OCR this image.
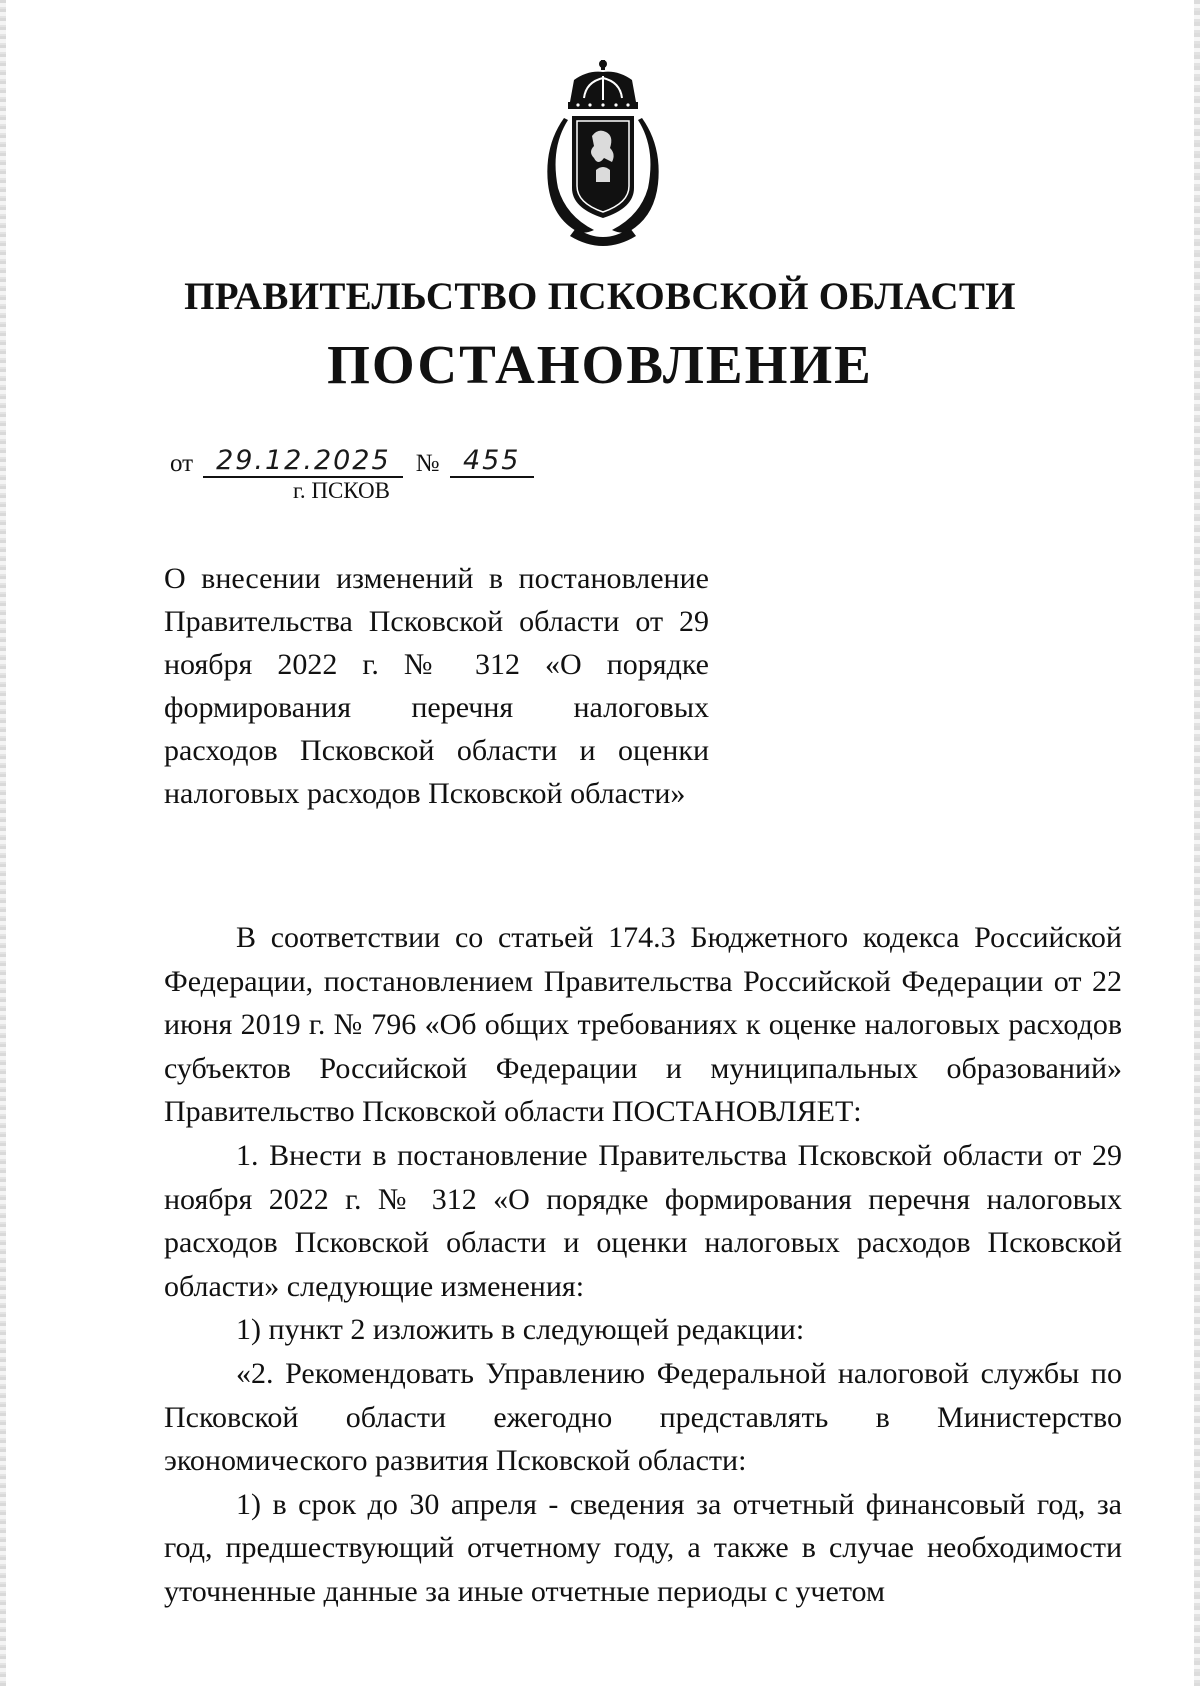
ПРАВИТЕЛЬСТВО ПСКОВСКОЙ ОБЛАСТИ
ПОСТАНОВЛЕНИЕ
от 29.12.2025 № 455
г. ПСКОВ

О внесении изменений в постановление Правительства Псковской области от 29 ноября 2022 г. № 312 «О порядке формирования перечня налоговых расходов Псковской области и оценки налоговых расходов Псковской области»

В соответствии со статьей 174.3 Бюджетного кодекса Российской Федерации, постановлением Правительства Российской Федерации от 22 июня 2019 г. № 796 «Об общих требованиях к оценке налоговых расходов субъектов Российской Федерации и муниципальных образований» Правительство Псковской области ПОСТАНОВЛЯЕТ:

1. Внести в постановление Правительства Псковской области от 29 ноября 2022 г. № 312 «О порядке формирования перечня налоговых расходов Псковской области и оценки налоговых расходов Псковской области» следующие изменения:

1) пункт 2 изложить в следующей редакции:

«2. Рекомендовать Управлению Федеральной налоговой службы по Псковской области ежегодно представлять в Министерство экономического развития Псковской области:

1) в срок до 30 апреля - сведения за отчетный финансовый год, за год, предшествующий отчетному году, а также в случае необходимости уточненные данные за иные отчетные периоды с учетом
